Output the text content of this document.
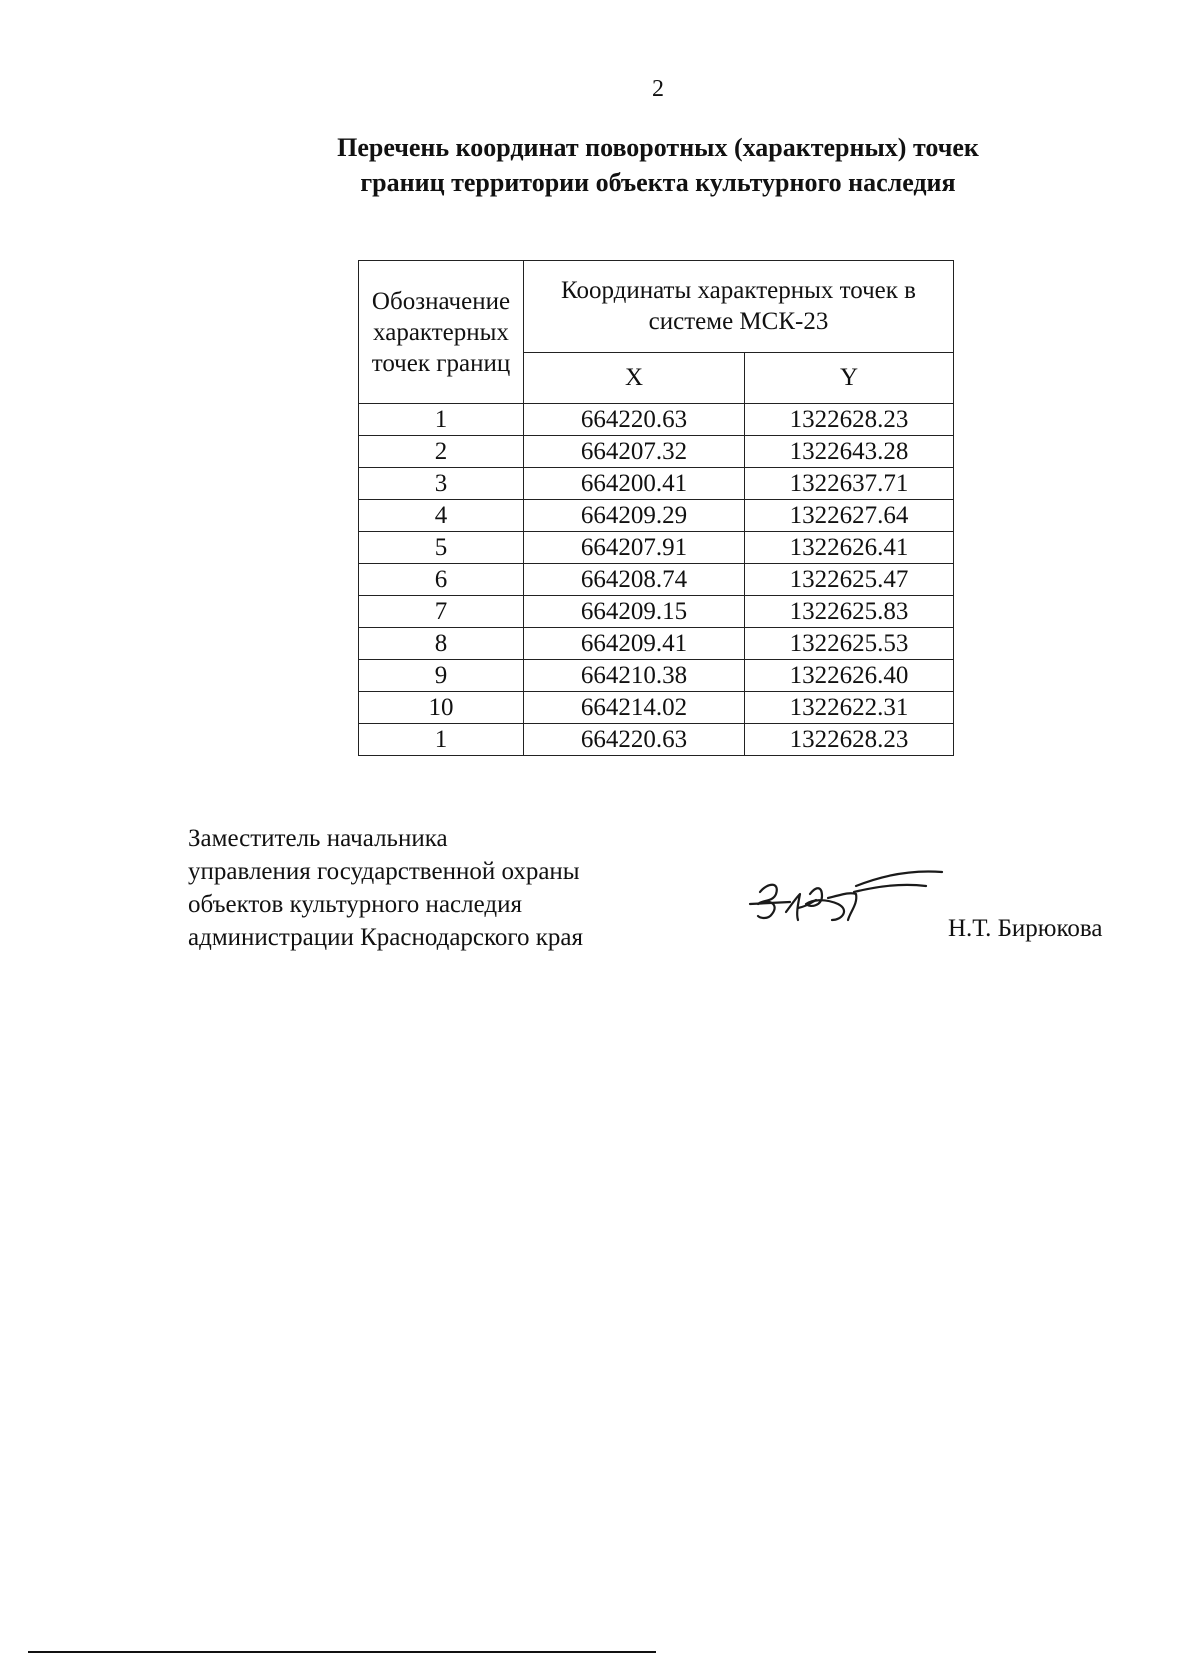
2
Перечень координат поворотных (характерных) точек
границ территории объекта культурного наследия
Обозначение характерных точек границ	Координаты характерных точек в системе МСК-23	
	X	Y
1	664220.63	1322628.23
2	664207.32	1322643.28
3	664200.41	1322637.71
4	664209.29	1322627.64
5	664207.91	1322626.41
6	664208.74	1322625.47
7	664209.15	1322625.83
8	664209.41	1322625.53
9	664210.38	1322626.40
10	664214.02	1322622.31
1	664220.63	1322628.23
Заместитель начальника
управления государственной охраны
объектов культурного наследия
администрации Краснодарского края	Н.Т. Бирюкова
